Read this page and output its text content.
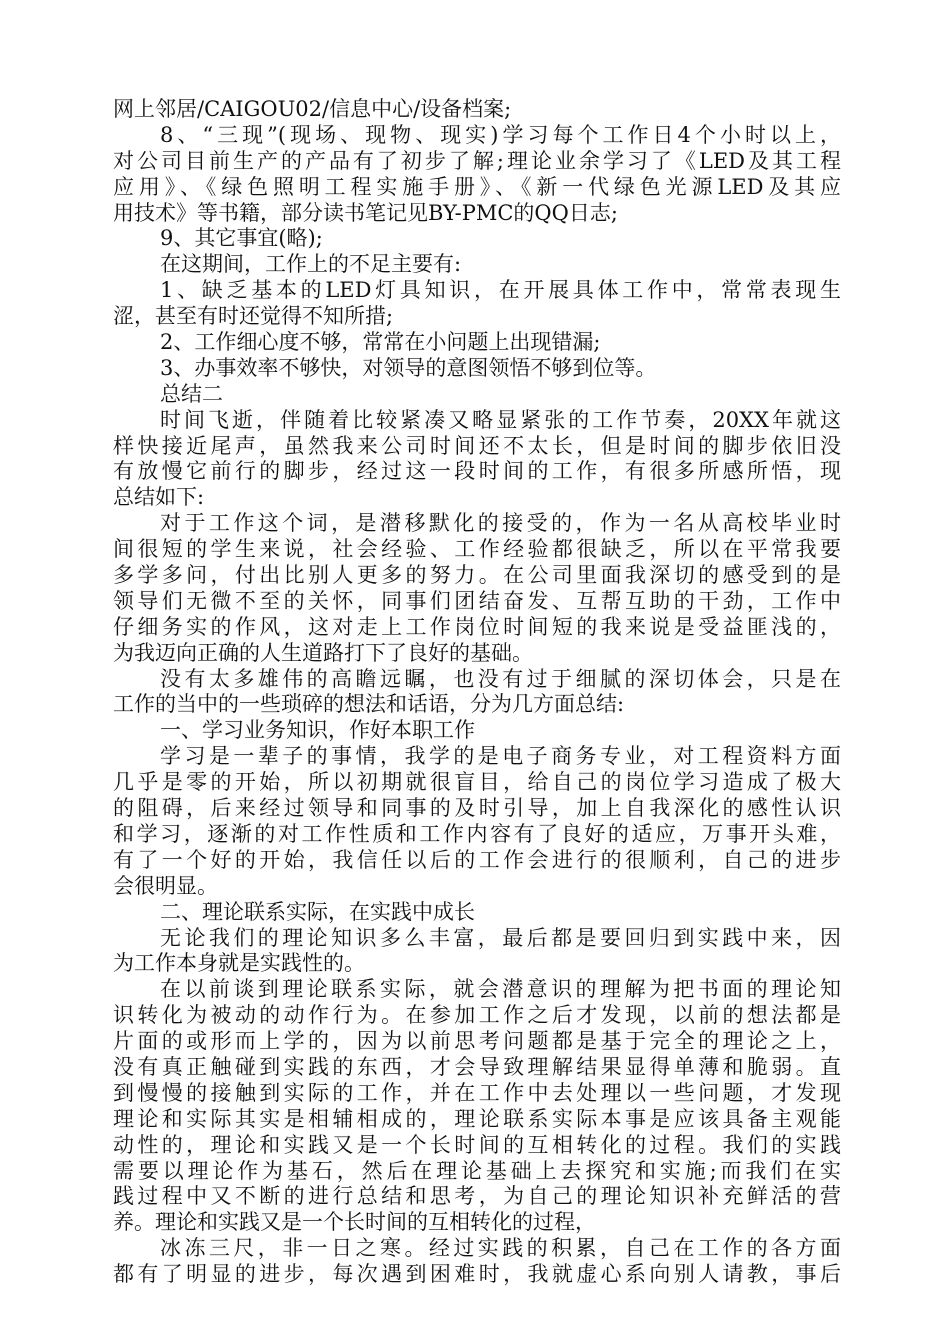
网上邻居/CAIGOU02/信息中心/设备档案;
8、“三现”(现场、现物、现实)学习每个工作日4个小时以上，
对公司目前生产的产品有了初步了解;理论业余学习了《LED及其工程
应用》、《绿色照明工程实施手册》、《新一代绿色光源LED及其应
用技术》等书籍，部分读书笔记见BY-PMC的QQ日志;
9、其它事宜(略);
在这期间，工作上的不足主要有:
1、缺乏基本的LED灯具知识，在开展具体工作中，常常表现生
涩，甚至有时还觉得不知所措;
2、工作细心度不够，常常在小问题上出现错漏;
3、办事效率不够快，对领导的意图领悟不够到位等。
总结二
时间飞逝，伴随着比较紧凑又略显紧张的工作节奏，20XX年就这
样快接近尾声，虽然我来公司时间还不太长，但是时间的脚步依旧没
有放慢它前行的脚步，经过这一段时间的工作，有很多所感所悟，现
总结如下:
对于工作这个词，是潜移默化的接受的，作为一名从高校毕业时
间很短的学生来说，社会经验、工作经验都很缺乏，所以在平常我要
多学多问，付出比别人更多的努力。在公司里面我深切的感受到的是
领导们无微不至的关怀，同事们团结奋发、互帮互助的干劲，工作中
仔细务实的作风，这对走上工作岗位时间短的我来说是受益匪浅的，
为我迈向正确的人生道路打下了良好的基础。
没有太多雄伟的高瞻远瞩，也没有过于细腻的深切体会，只是在
工作的当中的一些琐碎的想法和话语，分为几方面总结:
一、学习业务知识，作好本职工作
学习是一辈子的事情，我学的是电子商务专业，对工程资料方面
几乎是零的开始，所以初期就很盲目，给自己的岗位学习造成了极大
的阻碍，后来经过领导和同事的及时引导，加上自我深化的感性认识
和学习，逐渐的对工作性质和工作内容有了良好的适应，万事开头难，
有了一个好的开始，我信任以后的工作会进行的很顺利，自己的进步
会很明显。
二、理论联系实际，在实践中成长
无论我们的理论知识多么丰富，最后都是要回归到实践中来，因
为工作本身就是实践性的。
在以前谈到理论联系实际，就会潜意识的理解为把书面的理论知
识转化为被动的动作行为。在参加工作之后才发现，以前的想法都是
片面的或形而上学的，因为以前思考问题都是基于完全的理论之上，
没有真正触碰到实践的东西，才会导致理解结果显得单薄和脆弱。直
到慢慢的接触到实际的工作，并在工作中去处理以一些问题，才发现
理论和实际其实是相辅相成的，理论联系实际本事是应该具备主观能
动性的，理论和实践又是一个长时间的互相转化的过程。我们的实践
需要以理论作为基石，然后在理论基础上去探究和实施;而我们在实
践过程中又不断的进行总结和思考，为自己的理论知识补充鲜活的营
养。理论和实践又是一个长时间的互相转化的过程，
冰冻三尺，非一日之寒。经过实践的积累，自己在工作的各方面
都有了明显的进步，每次遇到困难时，我就虚心系向别人请教，事后
